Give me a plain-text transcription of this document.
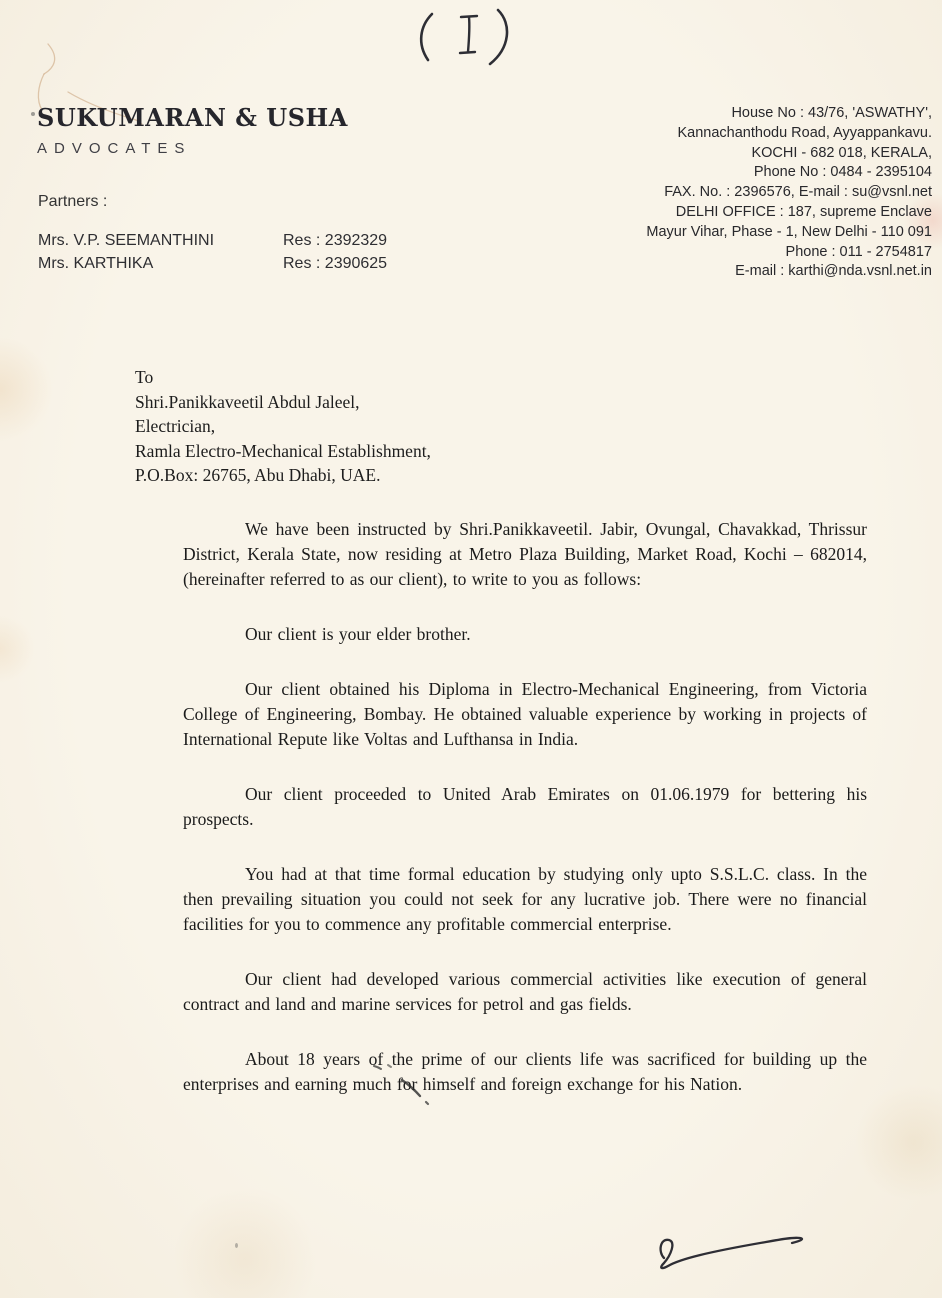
SUKUMARAN & USHA
ADVOCATES
House No : 43/76, 'ASWATHY',
Kannachanthodu Road, Ayyappankavu.
KOCHI - 682 018, KERALA,
Phone No : 0484 - 2395104
FAX. No. : 2396576, E-mail : su@vsnl.net
DELHI OFFICE : 187, supreme Enclave
Mayur Vihar, Phase - 1, New Delhi - 110 091
Phone : 011 - 2754817
E-mail : karthi@nda.vsnl.net.in
Partners :
Mrs. V.P. SEEMANTHINI	Res : 2392329
Mrs. KARTHIKA	Res : 2390625
To
Shri.Panikkaveetil Abdul Jaleel,
Electrician,
Ramla Electro-Mechanical Establishment,
P.O.Box: 26765, Abu Dhabi, UAE.

We have been instructed by Shri.Panikkaveetil. Jabir, Ovungal, Chavakkad, Thrissur District, Kerala State, now residing at Metro Plaza Building, Market Road, Kochi – 682014, (hereinafter referred to as our client), to write to you as follows:

Our client is your elder brother.

Our client obtained his Diploma in Electro-Mechanical Engineering, from Victoria College of Engineering, Bombay. He obtained valuable experience by working in projects of International Repute like Voltas and Lufthansa in India.

Our client proceeded to United Arab Emirates on 01.06.1979 for bettering his prospects.

You had at that time formal education by studying only upto S.S.L.C. class. In the then prevailing situation you could not seek for any lucrative job. There were no financial facilities for you to commence any profitable commercial enterprise.

Our client had developed various commercial activities like execution of general contract and land and marine services for petrol and gas fields.

About 18 years of the prime of our clients life was sacrificed for building up the enterprises and earning much for himself and foreign exchange for his Nation.
